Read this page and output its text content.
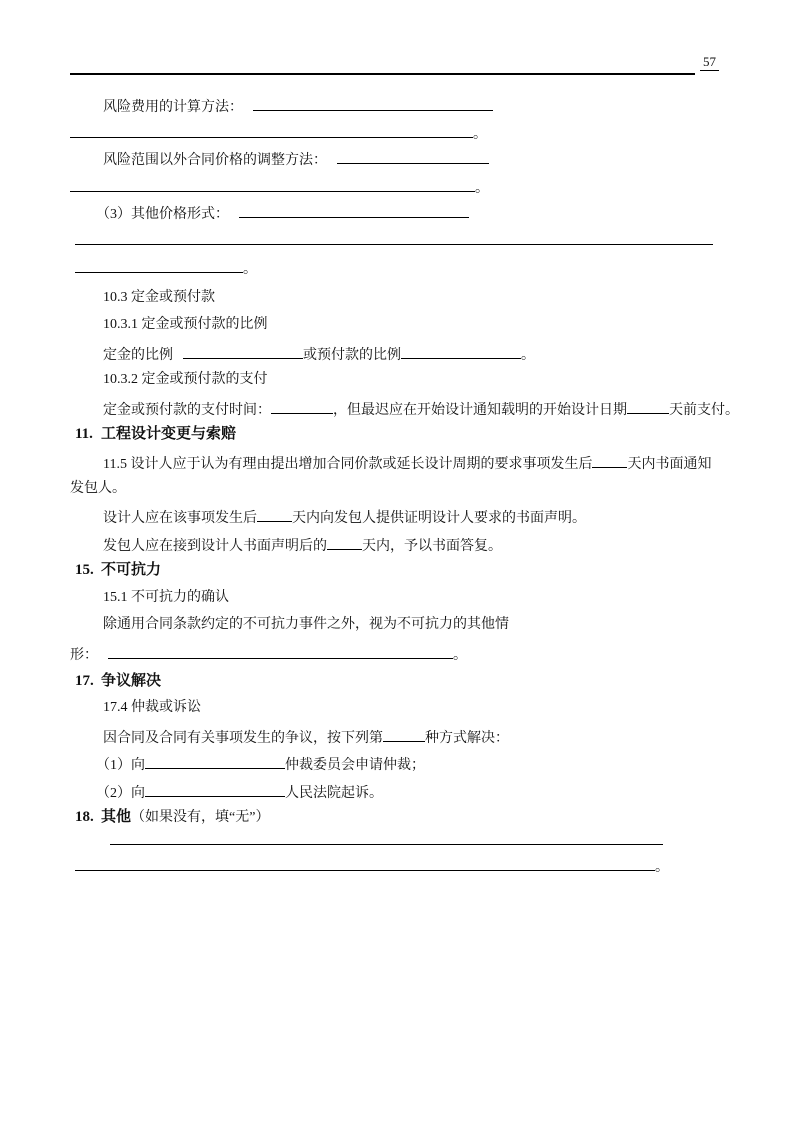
57
风险费用的计算方法：
。
风险范围以外合同价格的调整方法：
。
（3）其他价格形式：
。
10.3 定金或预付款
10.3.1 定金或预付款的比例
定金的比例	或预付款的比例	。
10.3.2 定金或预付款的支付
定金或预付款的支付时间：	，但最迟应在开始设计通知载明的开始设计日期	天前支付。
11. 工程设计变更与索赔
11.5 设计人应于认为有理由提出增加合同价款或延长设计周期的要求事项发生后	天内书面通知
发包人。
设计人应在该事项发生后	天内向发包人提供证明设计人要求的书面声明。
发包人应在接到设计人书面声明后的	天内，予以书面答复。
15. 不可抗力
15.1 不可抗力的确认
除通用合同条款约定的不可抗力事件之外，视为不可抗力的其他情
形：	。
17. 争议解决
17.4 仲裁或诉讼
因合同及合同有关事项发生的争议，按下列第	种方式解决：
（1）向	仲裁委员会申请仲裁；
（2）向	人民法院起诉。
18. 其他（如果没有，填“无”）
。
